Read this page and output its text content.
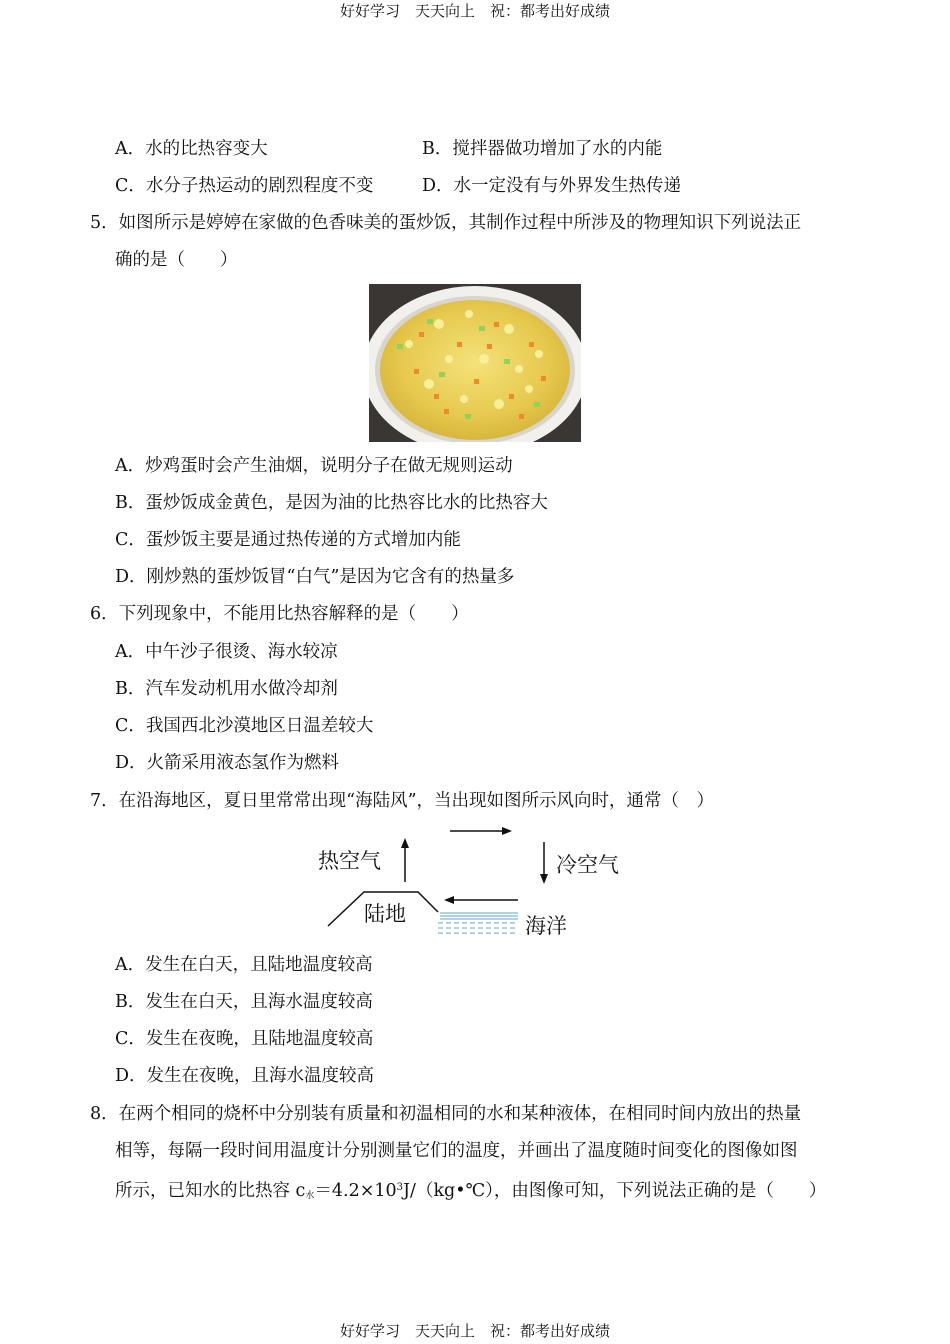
好好学习　天天向上　祝：都考出好成绩
A．水的比热容变大	B．搅拌器做功增加了水的内能
C．水分子热运动的剧烈程度不变	D．水一定没有与外界发生热传递
5．如图所示是婷婷在家做的色香味美的蛋炒饭，其制作过程中所涉及的物理知识下列说法正
确的是（　　）
A．炒鸡蛋时会产生油烟，说明分子在做无规则运动
B．蛋炒饭成金黄色，是因为油的比热容比水的比热容大
C．蛋炒饭主要是通过热传递的方式增加内能
D．刚炒熟的蛋炒饭冒“白气”是因为它含有的热量多
6．下列现象中，不能用比热容解释的是（　　）
A．中午沙子很烫、海水较凉
B．汽车发动机用水做冷却剂
C．我国西北沙漠地区日温差较大
D．火箭采用液态氢作为燃料
7．在沿海地区，夏日里常常出现“海陆风”，当出现如图所示风向时，通常（　）
热空气	冷空气
陆地	海洋
A．发生在白天，且陆地温度较高
B．发生在白天，且海水温度较高
C．发生在夜晚，且陆地温度较高
D．发生在夜晚，且海水温度较高
8．在两个相同的烧杯中分别装有质量和初温相同的水和某种液体，在相同时间内放出的热量
相等，每隔一段时间用温度计分别测量它们的温度，并画出了温度随时间变化的图像如图
所示，已知水的比热容 $c_水=4.2\times 10^3J/(kg•℃)$，由图像可知，下列说法正确的是（　　）
好好学习　天天向上　祝：都考出好成绩
